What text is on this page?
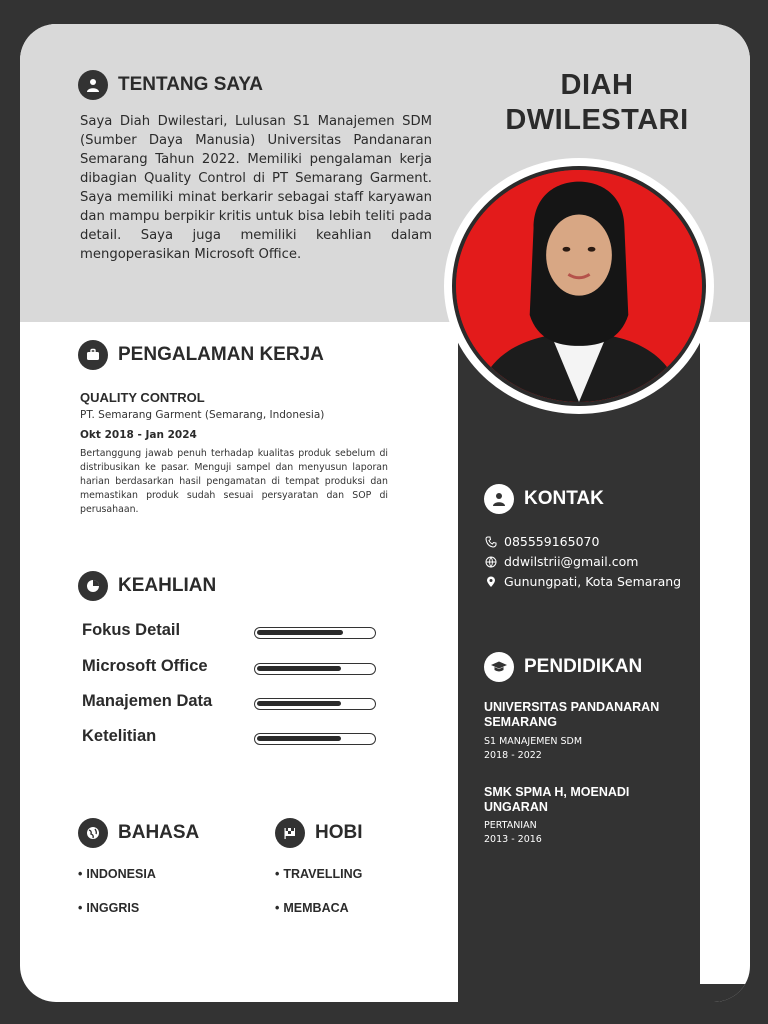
DIAH
DWILESTARI
TENTANG SAYA
Saya Diah Dwilestari, Lulusan S1 Manajemen SDM (Sumber Daya Manusia) Universitas Pandanaran Semarang Tahun 2022. Memiliki pengalaman kerja dibagian Quality Control di PT Semarang Garment. Saya memiliki minat berkarir sebagai staff karyawan dan mampu berpikir kritis untuk bisa lebih teliti pada detail. Saya juga memiliki keahlian dalam mengoperasikan Microsoft Office.
PENGALAMAN KERJA
QUALITY CONTROL
PT. Semarang Garment (Semarang, Indonesia)
Okt 2018 - Jan 2024
Bertanggung jawab penuh terhadap kualitas produk sebelum di distribusikan ke pasar. Menguji sampel dan menyusun laporan harian berdasarkan hasil pengamatan di tempat produksi dan memastikan produk sudah sesuai persyaratan dan SOP di perusahaan.
KEAHLIAN
Fokus Detail
Microsoft Office
Manajemen Data
Ketelitian
BAHASA
• INDONESIA
• INGGRIS
HOBI
• TRAVELLING
• MEMBACA
KONTAK
085559165070
ddwilstrii@gmail.com
Gunungpati, Kota Semarang
PENDIDIKAN
UNIVERSITAS PANDANARAN SEMARANG
S1 MANAJEMEN SDM
2018 - 2022
SMK SPMA H, MOENADI UNGARAN
PERTANIAN
2013 - 2016
